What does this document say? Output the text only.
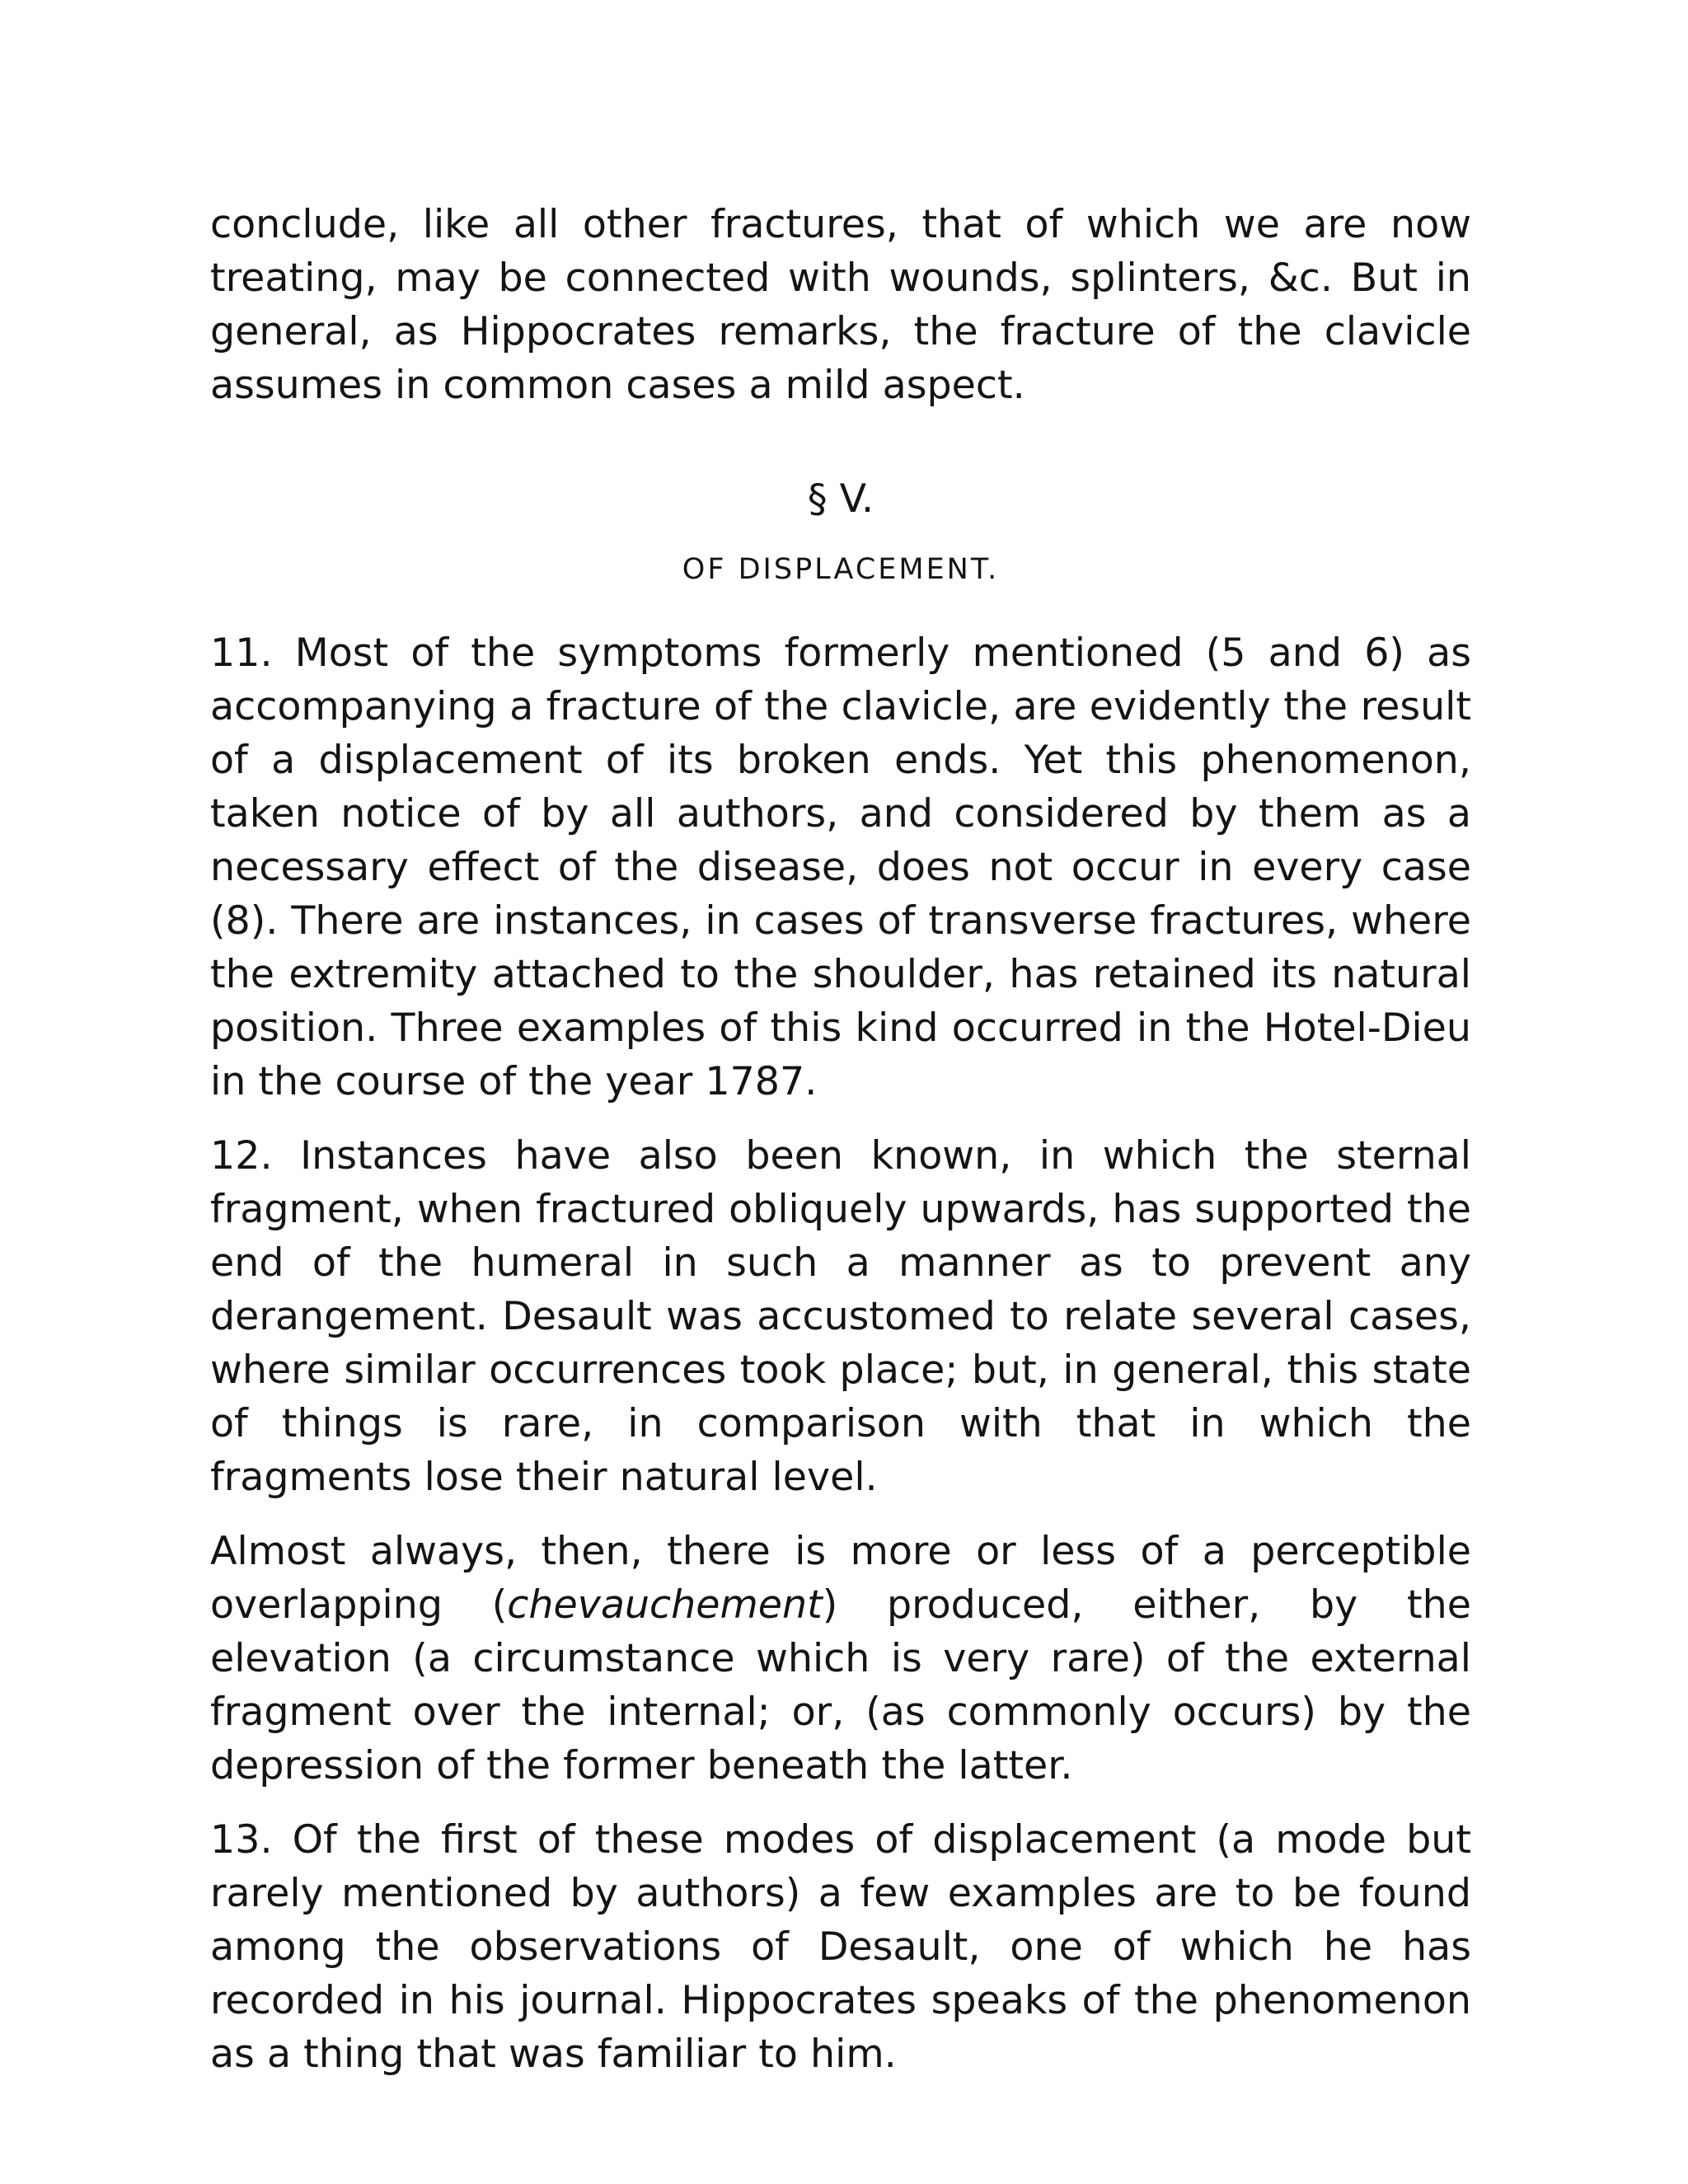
conclude, like all other fractures, that of which we are now treating, may be connected with wounds, splinters, &c. But in general, as Hippocrates remarks, the fracture of the clavicle assumes in common cases a mild aspect.

§ V.
OF DISPLACEMENT.

11. Most of the symptoms formerly mentioned (5 and 6) as accompanying a fracture of the clavicle, are evidently the result of a displacement of its broken ends. Yet this phenomenon, taken notice of by all authors, and considered by them as a necessary effect of the disease, does not occur in every case (8). There are instances, in cases of transverse fractures, where the extremity attached to the shoulder, has retained its natural position. Three examples of this kind occurred in the Hotel-Dieu in the course of the year 1787.

12. Instances have also been known, in which the sternal fragment, when fractured obliquely upwards, has supported the end of the humeral in such a manner as to prevent any derangement. Desault was accustomed to relate several cases, where similar occurrences took place; but, in general, this state of things is rare, in comparison with that in which the fragments lose their natural level.

Almost always, then, there is more or less of a perceptible overlapping (chevauchement) produced, either, by the elevation (a circumstance which is very rare) of the external fragment over the internal; or, (as commonly occurs) by the depression of the former beneath the latter.

13. Of the first of these modes of displacement (a mode but rarely mentioned by authors) a few examples are to be found among the observations of Desault, one of which he has recorded in his journal. Hippocrates speaks of the phenomenon as a thing that was familiar to him.
